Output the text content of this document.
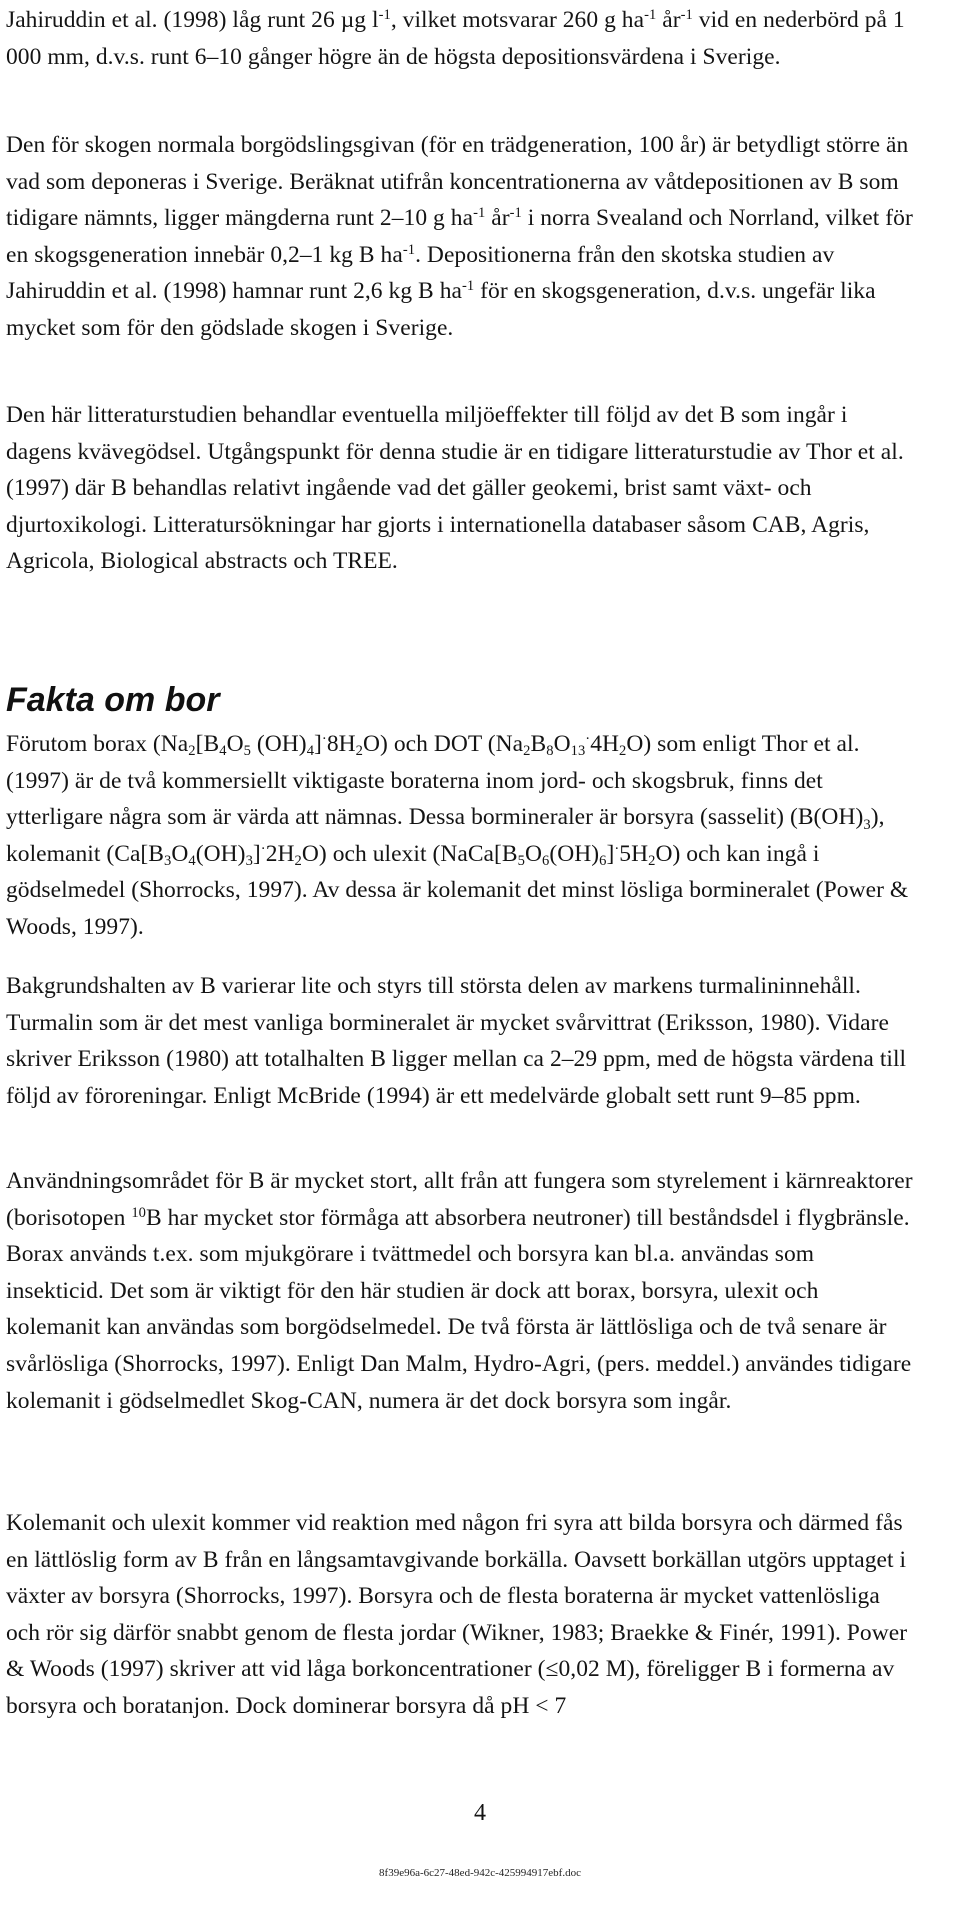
Jahiruddin et al. (1998) låg runt 26 µg $l^{-1}$, vilket motsvarar 260 g $ha^{-1}$ $år^{-1}$ vid en nederbörd på 1 000 mm, d.v.s. runt 6–10 gånger högre än de högsta depositionsvärdena i Sverige.

Den för skogen normala borgödslingsgivan (för en trädgeneration, 100 år) är betydligt större än vad som deponeras i Sverige. Beräknat utifrån koncentrationerna av våtdepositionen av B som tidigare nämnts, ligger mängderna runt 2–10 g $ha^{-1}$ $år^{-1}$ i norra Svealand och Norrland, vilket för en skogsgeneration innebär 0,2–1 kg B $ha^{-1}$. Depositionerna från den skotska studien av Jahiruddin et al. (1998) hamnar runt 2,6 kg B $ha^{-1}$ för en skogsgeneration, d.v.s. ungefär lika mycket som för den gödslade skogen i Sverige.

Den här litteraturstudien behandlar eventuella miljöeffekter till följd av det B som ingår i dagens kvävegödsel. Utgångspunkt för denna studie är en tidigare litteraturstudie av Thor et al. (1997) där B behandlas relativt ingående vad det gäller geokemi, brist samt växt- och djurtoxikologi. Litteratursökningar har gjorts i internationella databaser såsom CAB, Agris, Agricola, Biological abstracts och TREE.

Fakta om bor

Förutom borax ($Na_2[B_4O_5$ $(OH)_4]^\cdot 8H_2O$) och DOT $(Na_2B_8O_{13}^\cdot 4H_2O)$ som enligt Thor et al. (1997) är de två kommersiellt viktigaste boraterna inom jord- och skogsbruk, finns det ytterligare några som är värda att nämnas. Dessa bormineraler är borsyra (sasselit) $(B(OH)_3)$, kolemanit $(Ca[B_3O_4(OH)_3]^\cdot 2H_2O)$ och ulexit $(NaCa[B_5O_6(OH)_6]^\cdot 5H_2O)$ och kan ingå i gödselmedel (Shorrocks, 1997). Av dessa är kolemanit det minst lösliga bormineralet (Power & Woods, 1997).

Bakgrundshalten av B varierar lite och styrs till största delen av markens turmalininnehåll. Turmalin som är det mest vanliga bormineralet är mycket svårvittrat (Eriksson, 1980). Vidare skriver Eriksson (1980) att totalhalten B ligger mellan ca 2–29 ppm, med de högsta värdena till följd av föroreningar. Enligt McBride (1994) är ett medelvärde globalt sett runt 9–85 ppm.

Användningsområdet för B är mycket stort, allt från att fungera som styrelement i kärnreaktorer (borisotopen $^{10}$B har mycket stor förmåga att absorbera neutroner) till beståndsdel i flygbränsle. Borax används t.ex. som mjukgörare i tvättmedel och borsyra kan bl.a. användas som insekticid. Det som är viktigt för den här studien är dock att borax, borsyra, ulexit och kolemanit kan användas som borgödselmedel. De två första är lättlösliga och de två senare är svårlösliga (Shorrocks, 1997). Enligt Dan Malm, Hydro-Agri, (pers. meddel.) användes tidigare kolemanit i gödselmedlet Skog-CAN, numera är det dock borsyra som ingår.

Kolemanit och ulexit kommer vid reaktion med någon fri syra att bilda borsyra och därmed fås en lättlöslig form av B från en långsamtavgivande borkälla. Oavsett borkällan utgörs upptaget i växter av borsyra (Shorrocks, 1997). Borsyra och de flesta boraterna är mycket vattenlösliga och rör sig därför snabbt genom de flesta jordar (Wikner, 1983; Braekke & Finér, 1991). Power & Woods (1997) skriver att vid låga borkoncentrationer (≤0,02 M), föreligger B i formerna av borsyra och boratanjon. Dock dominerar borsyra då pH < 7

4
8f39e96a-6c27-48ed-942c-425994917ebf.doc
